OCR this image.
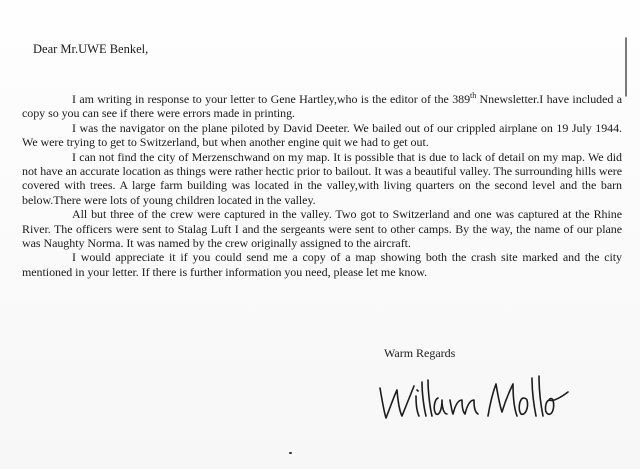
Dear Mr.UWE Benkel,

I am writing in response to your letter to Gene Hartley,who is the editor of the 389th Nnewsletter.I have included a copy so you can see if there were errors made in printing.

I was the navigator on the plane piloted by David Deeter. We bailed out of our crippled airplane on 19 July 1944. We were trying to get to Switzerland, but when another engine quit we had to get out.

I can not find the city of Merzenschwand on my map. It is possible that is due to lack of detail on my map. We did not have an accurate location as things were rather hectic prior to bailout. It was a beautiful valley. The surrounding hills were covered with trees. A large farm building was located in the valley,with living quarters on the second level and the barn below.There were lots of young children located in the valley.

All but three of the crew were captured in the valley. Two got to Switzerland and one was captured at the Rhine River. The officers were sent to Stalag Luft I and the sergeants were sent to other camps. By the way, the name of our plane was Naughty Norma. It was named by the crew originally assigned to the aircraft.

I would appreciate it if you could send me a copy of a map showing both the crash site marked and the city mentioned in your letter. If there is further information you need, please let me know.

Warm Regards
